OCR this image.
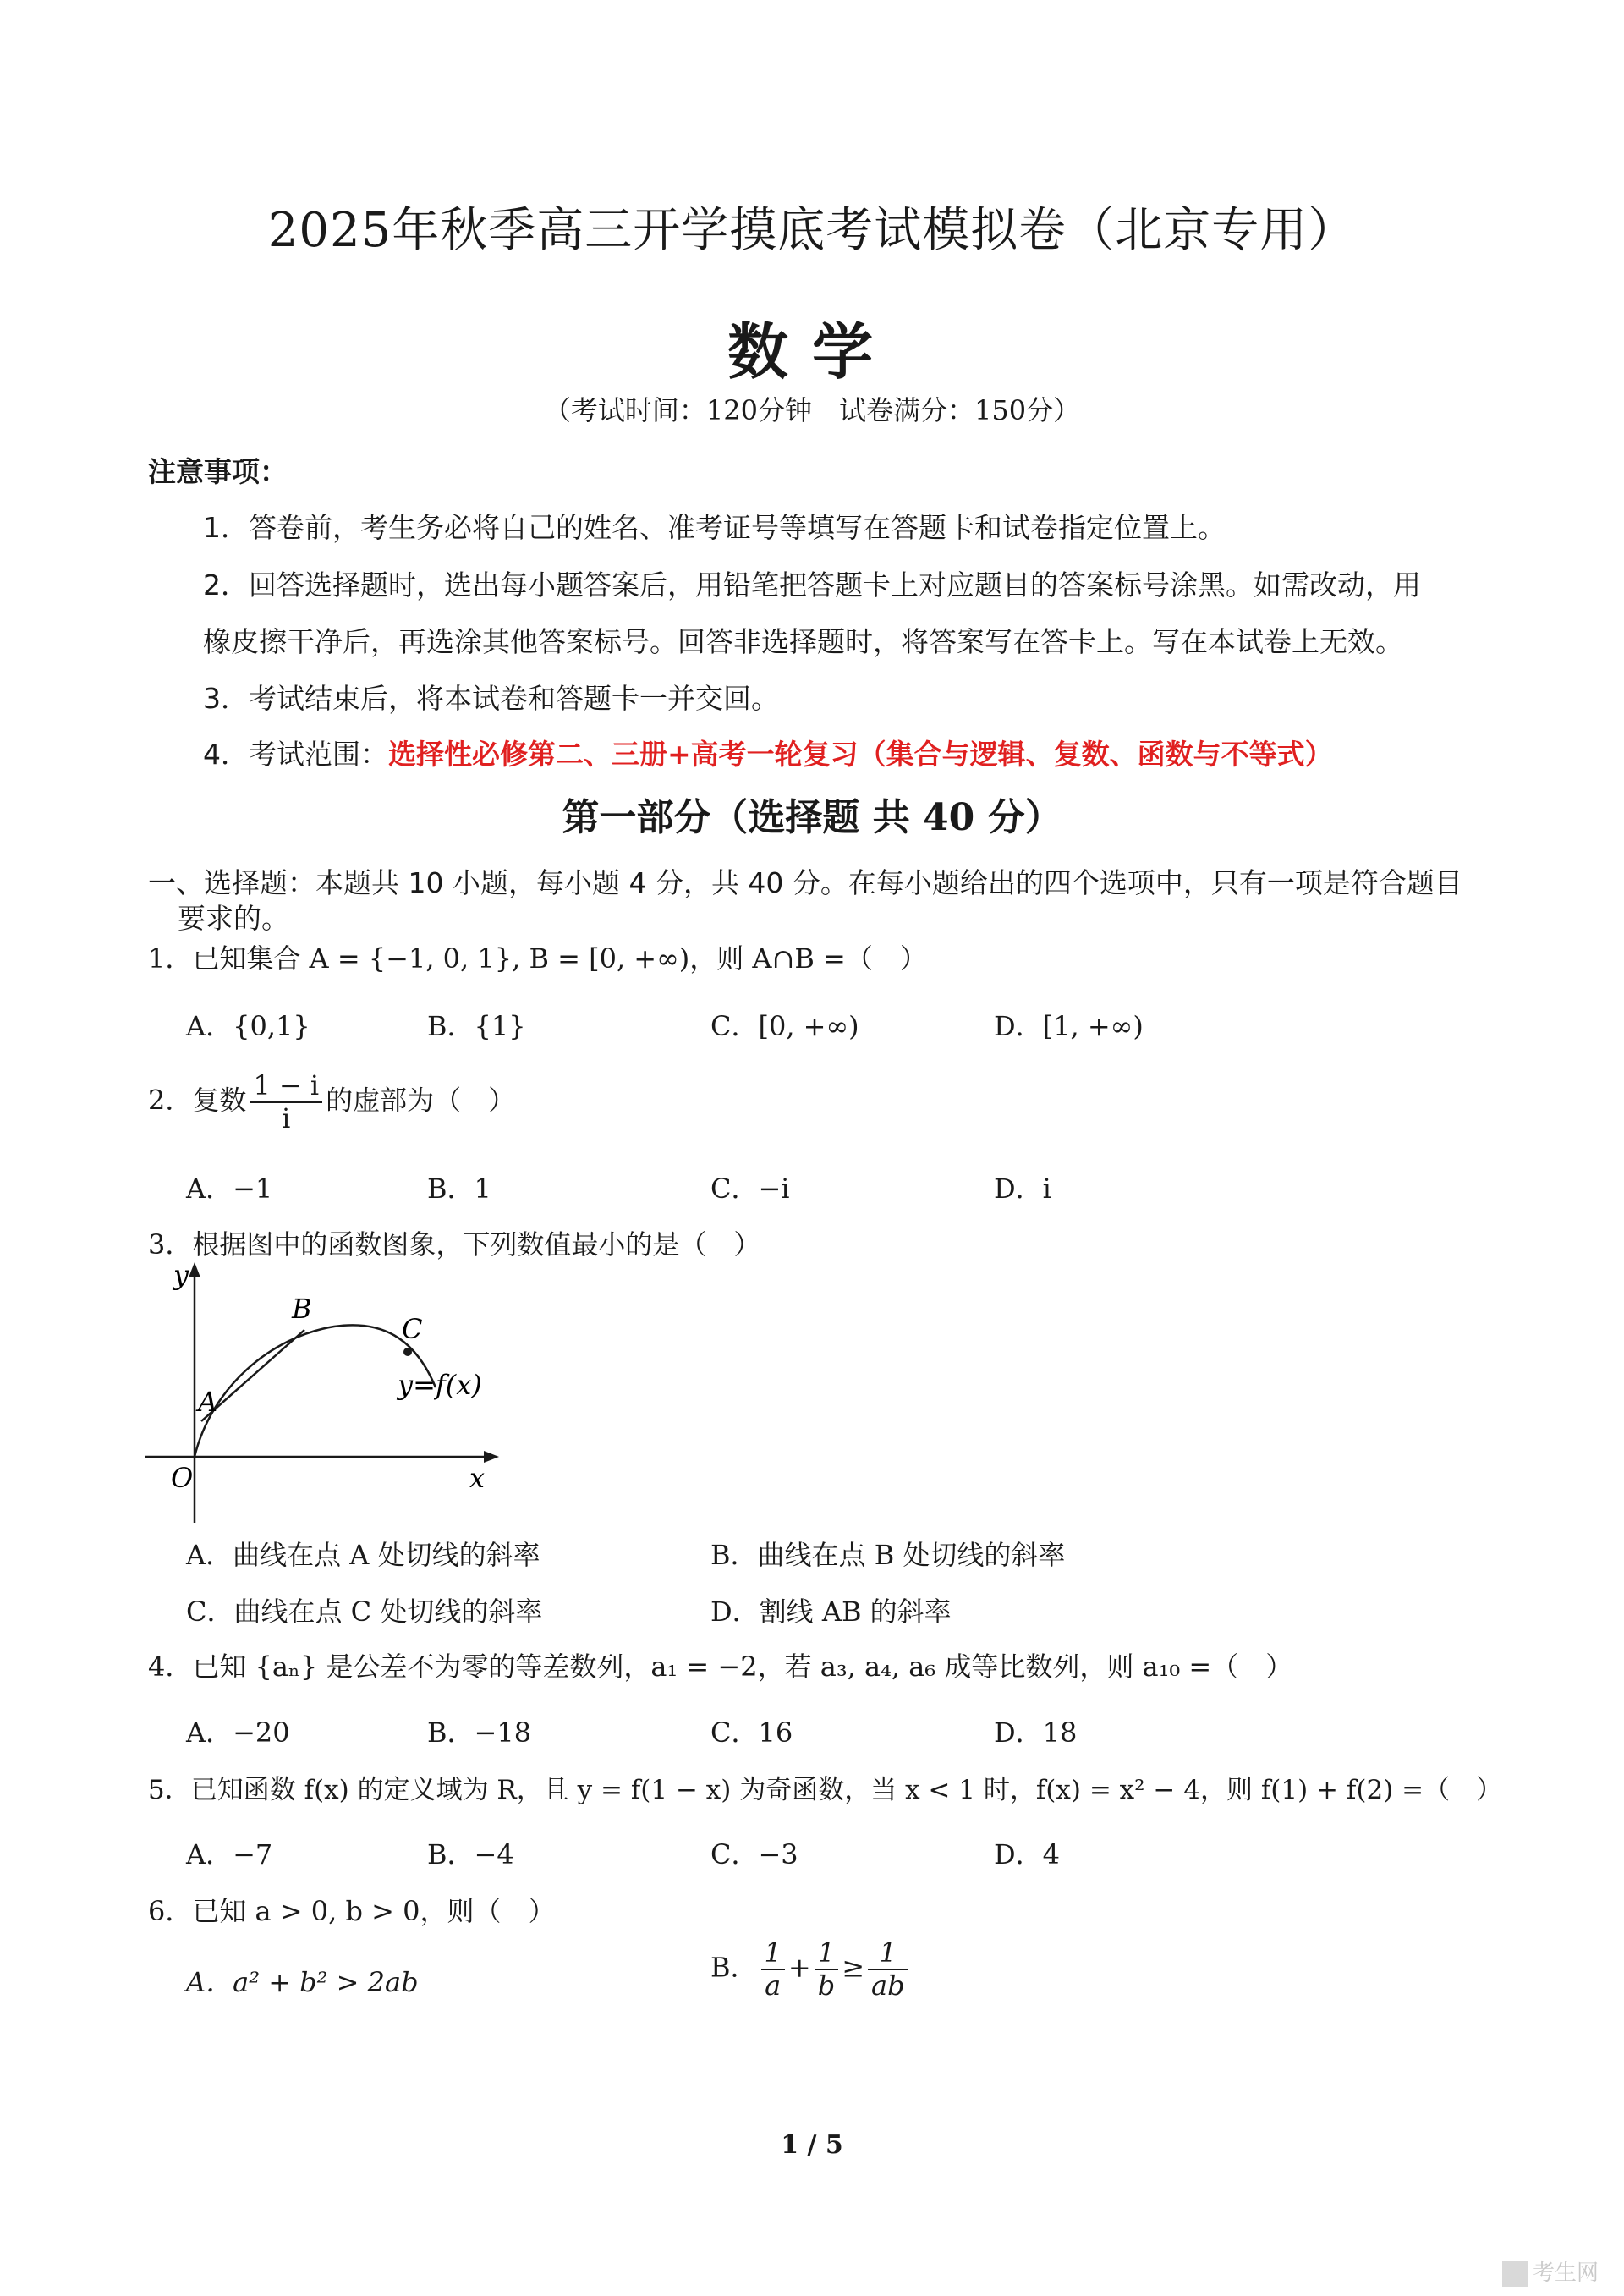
2025年秋季高三开学摸底考试模拟卷（北京专用）
数学
（考试时间：120分钟　试卷满分：150分）
注意事项：
1．答卷前，考生务必将自己的姓名、准考证号等填写在答题卡和试卷指定位置上。
2．回答选择题时，选出每小题答案后，用铅笔把答题卡上对应题目的答案标号涂黑。如需改动，用
橡皮擦干净后，再选涂其他答案标号。回答非选择题时，将答案写在答卡上。写在本试卷上无效。
3．考试结束后，将本试卷和答题卡一并交回。
4．考试范围：选择性必修第二、三册+高考一轮复习（集合与逻辑、复数、函数与不等式）
第一部分（选择题 共 40 分）
一、选择题：本题共 10 小题，每小题 4 分，共 40 分。在每小题给出的四个选项中，只有一项是符合题目
要求的。
1．已知集合 A = {−1, 0, 1}, B = [0, +∞)，则 A∩B =（　）
A．{0,1}	B．{1}	C．[0, +∞)	D．[1, +∞)
2．复数 $\frac{1 - i}{i}$ 的虚部为（　）
A．−1	B．1	C．−i	D．i
3．根据图中的函数图象，下列数值最小的是（　）
y
x
O
A
B
C
y=f(x)
A．曲线在点 A 处切线的斜率	B．曲线在点 B 处切线的斜率
C．曲线在点 C 处切线的斜率	D．割线 AB 的斜率
4．已知 {aₙ} 是公差不为零的等差数列，a₁ = −2，若 a₃, a₄, a₆ 成等比数列，则 a₁₀ =（　）
A．−20	B．−18	C．16	D．18
5．已知函数 f(x) 的定义域为 R，且 y = f(1 − x) 为奇函数，当 x < 1 时，f(x) = x² − 4，则 f(1) + f(2) =（　）
A．−7	B．−4	C．−3	D．4
6．已知 a > 0, b > 0，则（　）
A．a² + b² > 2ab	B． $\frac{1}{a} + \frac{1}{b} \ge \frac{1}{ab}$
1 / 5
考生网
